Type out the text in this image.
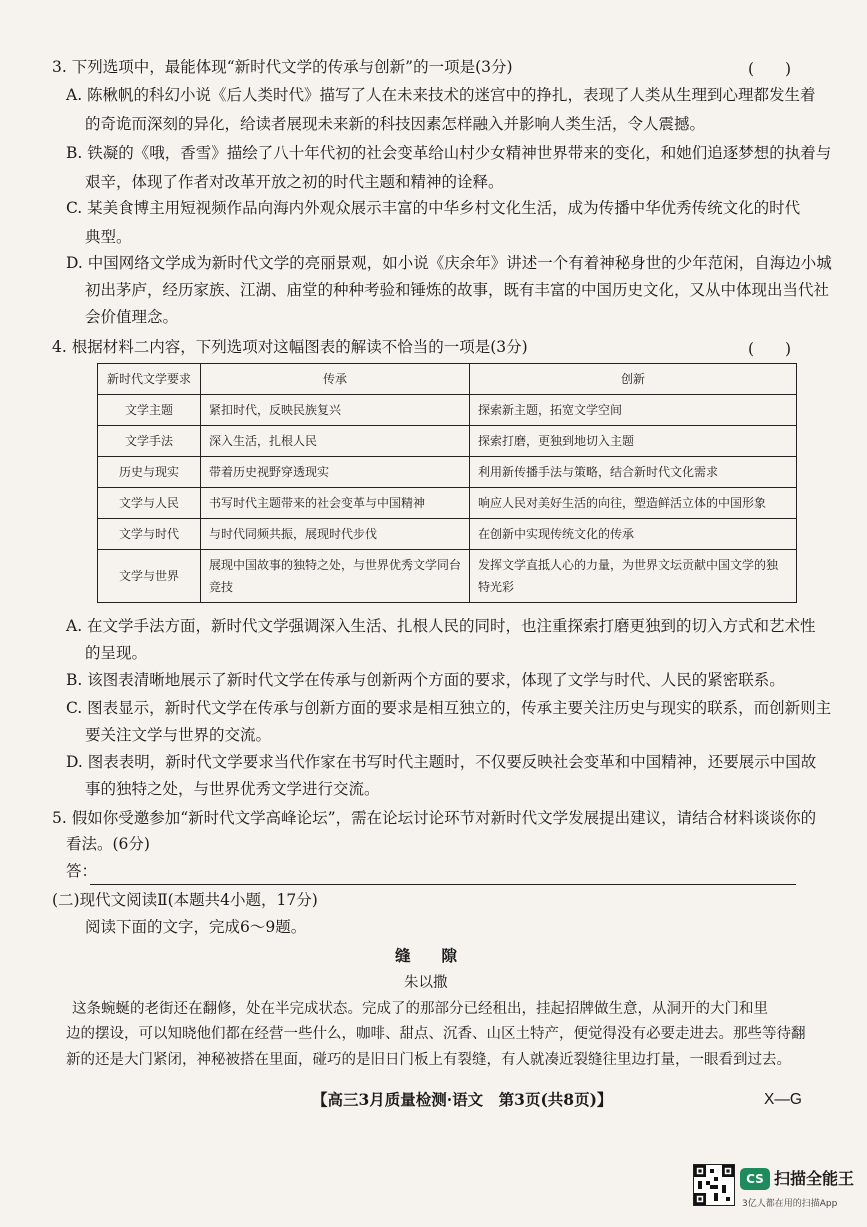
3. 下列选项中，最能体现“新时代文学的传承与创新”的一项是(3分)	(　　)
A. 陈楸帆的科幻小说《后人类时代》描写了人在未来技术的迷宫中的挣扎，表现了人类从生理到心理都发生着
的奇诡而深刻的异化，给读者展现未来新的科技因素怎样融入并影响人类生活，令人震撼。
B. 铁凝的《哦，香雪》描绘了八十年代初的社会变革给山村少女精神世界带来的变化，和她们追逐梦想的执着与
艰辛，体现了作者对改革开放之初的时代主题和精神的诠释。
C. 某美食博主用短视频作品向海内外观众展示丰富的中华乡村文化生活，成为传播中华优秀传统文化的时代
典型。
D. 中国网络文学成为新时代文学的亮丽景观，如小说《庆余年》讲述一个有着神秘身世的少年范闲，自海边小城
初出茅庐，经历家族、江湖、庙堂的种种考验和锤炼的故事，既有丰富的中国历史文化，又从中体现出当代社
会价值理念。
4. 根据材料二内容，下列选项对这幅图表的解读不恰当的一项是(3分)	(　　)
新时代文学要求	传承	创新
文学主题	紧扣时代，反映民族复兴	探索新主题，拓宽文学空间
文学手法	深入生活，扎根人民	探索打磨，更独到地切入主题
历史与现实	带着历史视野穿透现实	利用新传播手法与策略，结合新时代文化需求
文学与人民	书写时代主题带来的社会变革与中国精神	响应人民对美好生活的向往，塑造鲜活立体的中国形象
文学与时代	与时代同频共振，展现时代步伐	在创新中实现传统文化的传承
文学与世界	展现中国故事的独特之处，与世界优秀文学同台竞技	发挥文学直抵人心的力量，为世界文坛贡献中国文学的独特光彩
A. 在文学手法方面，新时代文学强调深入生活、扎根人民的同时，也注重探索打磨更独到的切入方式和艺术性
的呈现。
B. 该图表清晰地展示了新时代文学在传承与创新两个方面的要求，体现了文学与时代、人民的紧密联系。
C. 图表显示，新时代文学在传承与创新方面的要求是相互独立的，传承主要关注历史与现实的联系，而创新则主
要关注文学与世界的交流。
D. 图表表明，新时代文学要求当代作家在书写时代主题时，不仅要反映社会变革和中国精神，还要展示中国故
事的独特之处，与世界优秀文学进行交流。
5. 假如你受邀参加“新时代文学高峰论坛”，需在论坛讨论环节对新时代文学发展提出建议，请结合材料谈谈你的
看法。(6分)
答：
(二)现代文阅读Ⅱ(本题共4小题，17分)
阅读下面的文字，完成6～9题。
缝　　隙
朱以撒
这条蜿蜒的老街还在翻修，处在半完成状态。完成了的那部分已经租出，挂起招牌做生意，从洞开的大门和里
边的摆设，可以知晓他们都在经营一些什么，咖啡、甜点、沉香、山区土特产，便觉得没有必要走进去。那些等待翻
新的还是大门紧闭，神秘被搭在里面，碰巧的是旧日门板上有裂缝，有人就凑近裂缝往里边打量，一眼看到过去。
【高三3月质量检测·语文　第3页(共8页)】	X—G
CS 扫描全能王
3亿人都在用的扫描App
